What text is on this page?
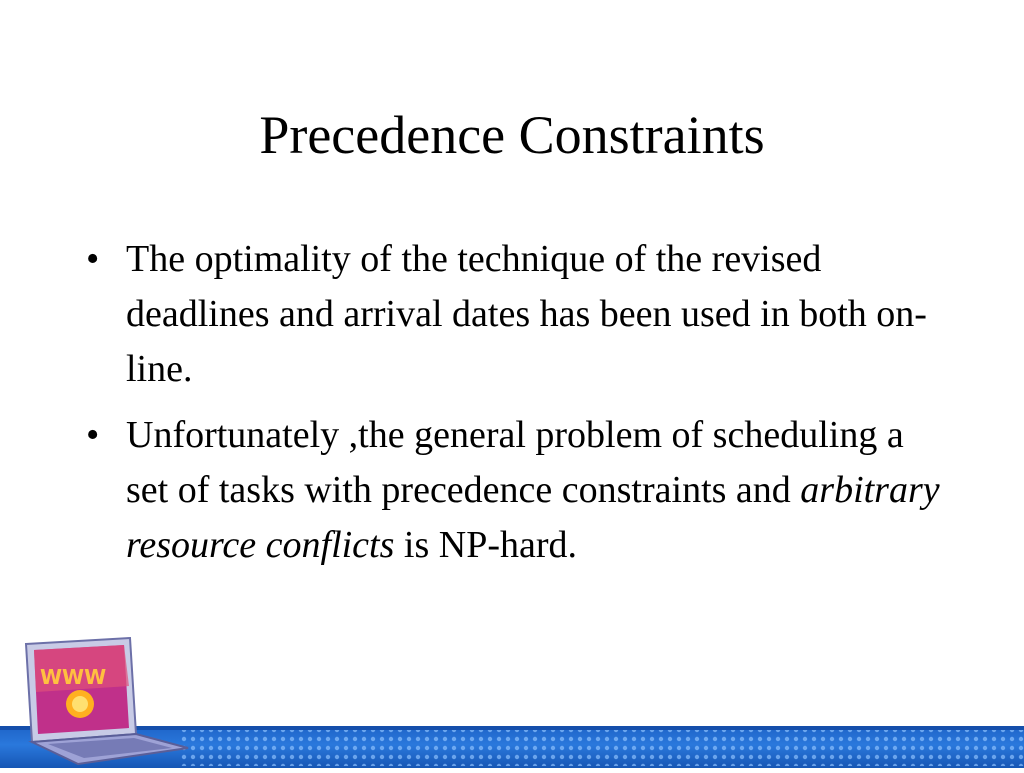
Precedence Constraints
• The optimality of the technique of the revised deadlines and arrival dates has been used in both on-line.
• Unfortunately ,the general problem of scheduling a set of tasks with precedence constraints and arbitrary resource conflicts is NP-hard.
WWW
